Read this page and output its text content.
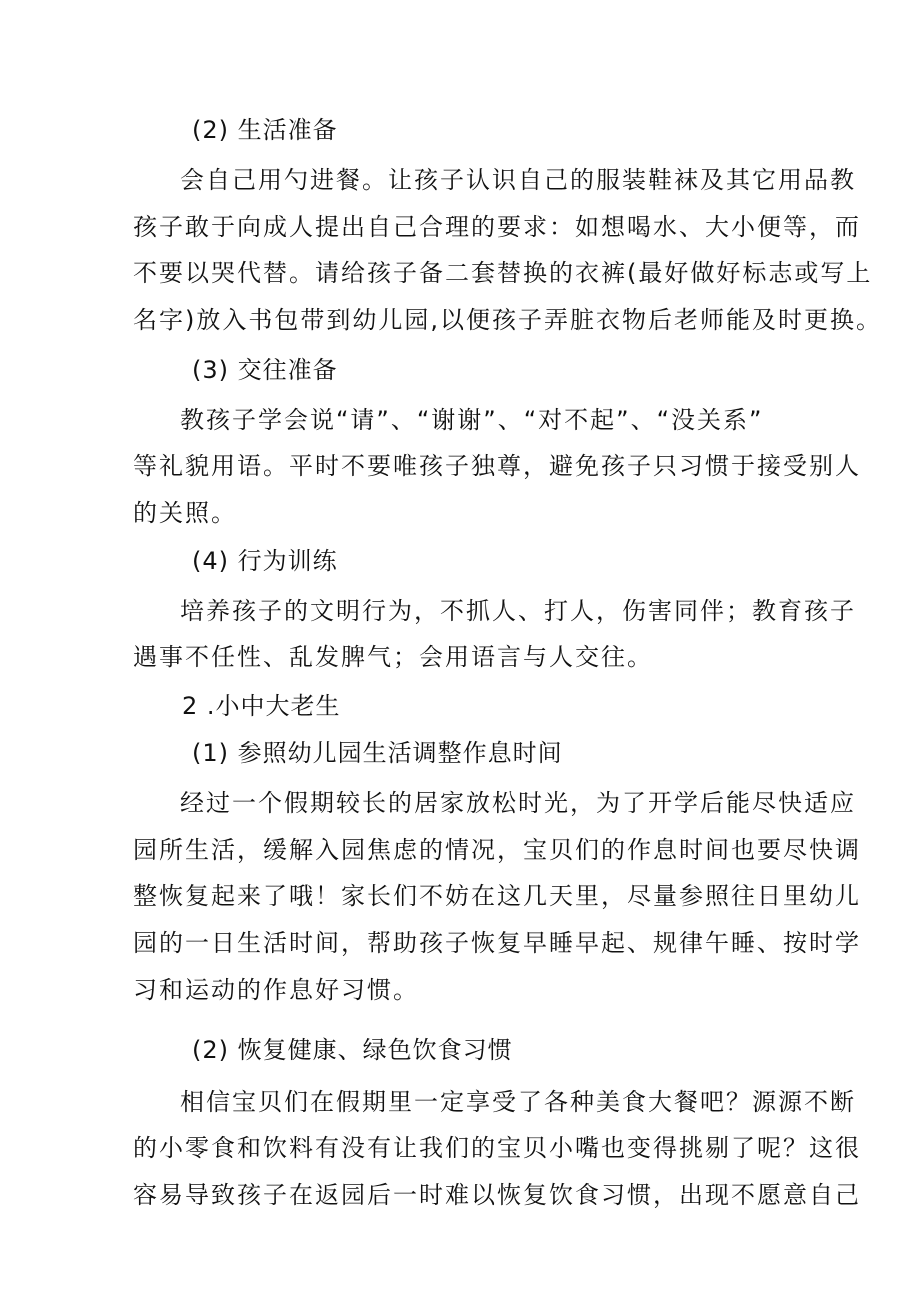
(2) 生活准备
会自己用勺进餐。让孩子认识自己的服装鞋袜及其它用品教
孩子敢于向成人提出自己合理的要求：如想喝水、大小便等，而
不要以哭代替。请给孩子备二套替换的衣裤(最好做好标志或写上
名字)放入书包带到幼儿园,以便孩子弄脏衣物后老师能及时更换。
(3) 交往准备
教孩子学会说“请”、“谢谢”、“对不起”、“没关系”
等礼貌用语。平时不要唯孩子独尊，避免孩子只习惯于接受别人
的关照。
(4) 行为训练
培养孩子的文明行为，不抓人、打人，伤害同伴；教育孩子
遇事不任性、乱发脾气；会用语言与人交往。
2 .小中大老生
(1) 参照幼儿园生活调整作息时间
经过一个假期较长的居家放松时光，为了开学后能尽快适应
园所生活，缓解入园焦虑的情况，宝贝们的作息时间也要尽快调
整恢复起来了哦！家长们不妨在这几天里，尽量参照往日里幼儿
园的一日生活时间，帮助孩子恢复早睡早起、规律午睡、按时学
习和运动的作息好习惯。
(2) 恢复健康、绿色饮食习惯
相信宝贝们在假期里一定享受了各种美食大餐吧？源源不断
的小零食和饮料有没有让我们的宝贝小嘴也变得挑剔了呢？这很
容易导致孩子在返园后一时难以恢复饮食习惯，出现不愿意自己
